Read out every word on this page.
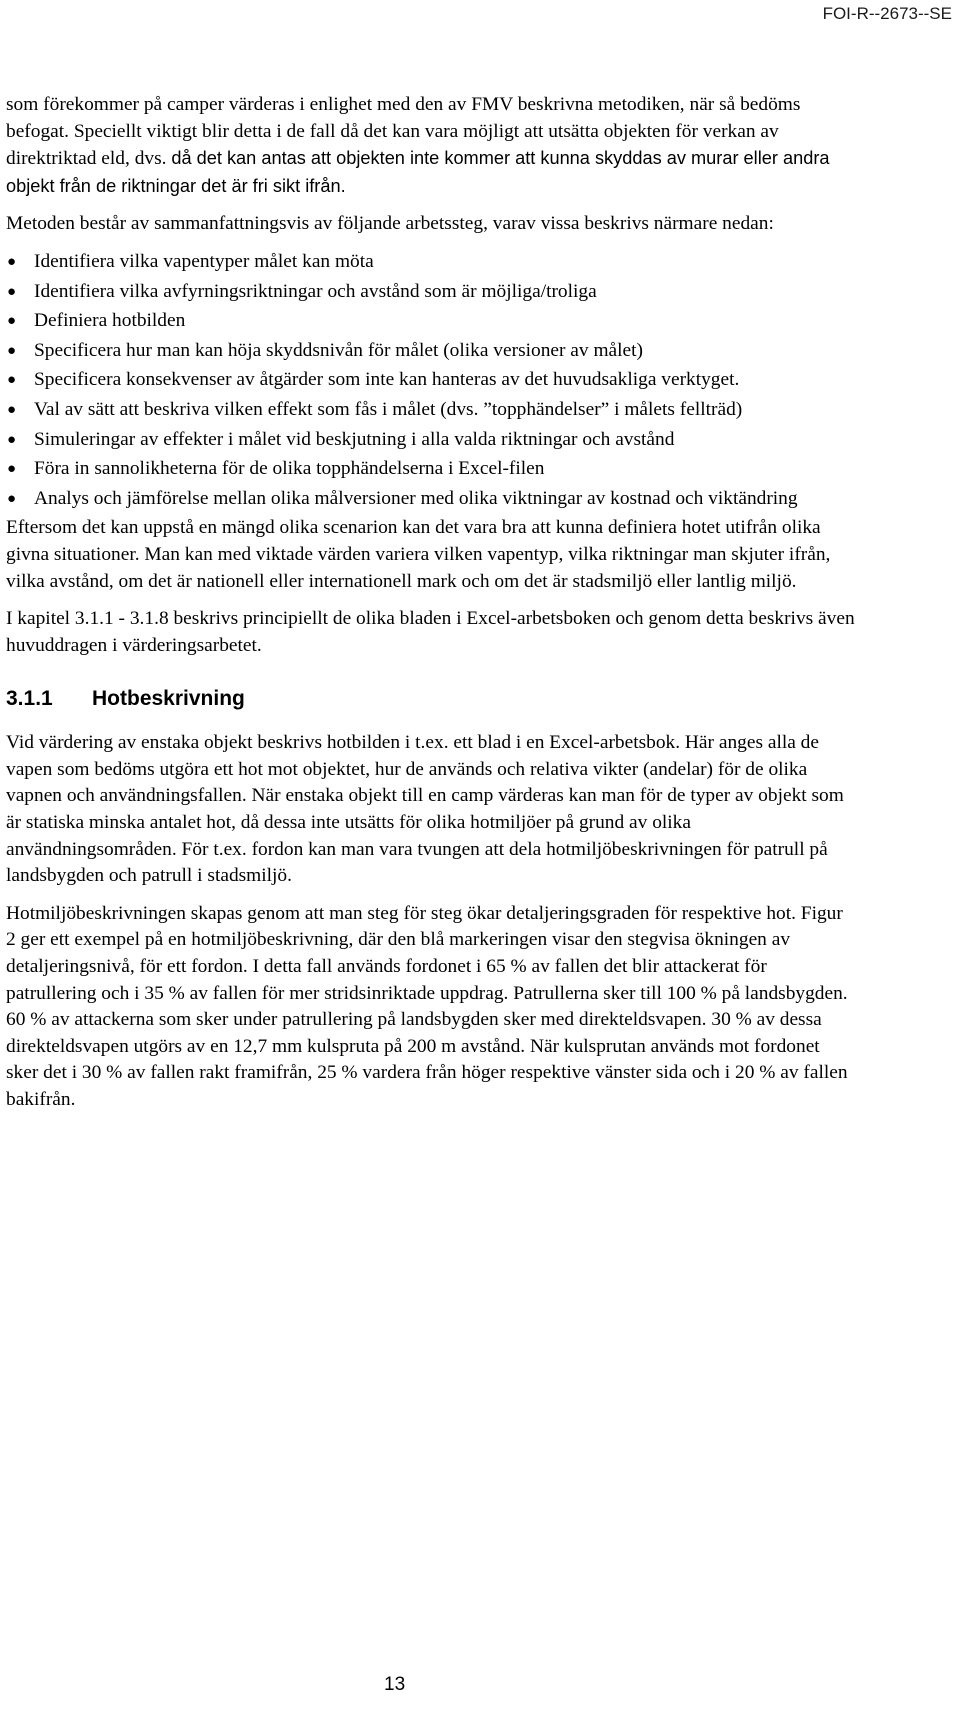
FOI-R--2673--SE

som förekommer på camper värderas i enlighet med den av FMV beskrivna metodiken, när så bedöms befogat. Speciellt viktigt blir detta i de fall då det kan vara möjligt att utsätta objekten för verkan av direktriktad eld, dvs. då det kan antas att objekten inte kommer att kunna skyddas av murar eller andra objekt från de riktningar det är fri sikt ifrån.

Metoden består av sammanfattningsvis av följande arbetssteg, varav vissa beskrivs närmare nedan:

● Identifiera vilka vapentyper målet kan möta
● Identifiera vilka avfyrningsriktningar och avstånd som är möjliga/troliga
● Definiera hotbilden
● Specificera hur man kan höja skyddsnivån för målet (olika versioner av målet)
● Specificera konsekvenser av åtgärder som inte kan hanteras av det huvudsakliga verktyget.
● Val av sätt att beskriva vilken effekt som fås i målet (dvs. ”topphändelser” i målets fellträd)
● Simuleringar av effekter i målet vid beskjutning i alla valda riktningar och avstånd
● Föra in sannolikheterna för de olika topphändelserna i Excel-filen
● Analys och jämförelse mellan olika målversioner med olika viktningar av kostnad och viktändring

Eftersom det kan uppstå en mängd olika scenarion kan det vara bra att kunna definiera hotet utifrån olika givna situationer. Man kan med viktade värden variera vilken vapentyp, vilka riktningar man skjuter ifrån, vilka avstånd, om det är nationell eller internationell mark och om det är stadsmiljö eller lantlig miljö.

I kapitel 3.1.1 - 3.1.8 beskrivs principiellt de olika bladen i Excel-arbetsboken och genom detta beskrivs även huvuddragen i värderingsarbetet.

3.1.1 Hotbeskrivning

Vid värdering av enstaka objekt beskrivs hotbilden i t.ex. ett blad i en Excel-arbetsbok. Här anges alla de vapen som bedöms utgöra ett hot mot objektet, hur de används och relativa vikter (andelar) för de olika vapnen och användningsfallen. När enstaka objekt till en camp värderas kan man för de typer av objekt som är statiska minska antalet hot, då dessa inte utsätts för olika hotmiljöer på grund av olika användningsområden. För t.ex. fordon kan man vara tvungen att dela hotmiljöbeskrivningen för patrull på landsbygden och patrull i stadsmiljö.

Hotmiljöbeskrivningen skapas genom att man steg för steg ökar detaljeringsgraden för respektive hot. Figur 2 ger ett exempel på en hotmiljöbeskrivning, där den blå markeringen visar den stegvisa ökningen av detaljeringsnivå, för ett fordon. I detta fall används fordonet i 65 % av fallen det blir attackerat för patrullering och i 35 % av fallen för mer stridsinriktade uppdrag. Patrullerna sker till 100 % på landsbygden. 60 % av attackerna som sker under patrullering på landsbygden sker med direkteldsvapen. 30 % av dessa direkteldsvapen utgörs av en 12,7 mm kulspruta på 200 m avstånd. När kulsprutan används mot fordonet sker det i 30 % av fallen rakt framifrån, 25 % vardera från höger respektive vänster sida och i 20 % av fallen bakifrån.

13
